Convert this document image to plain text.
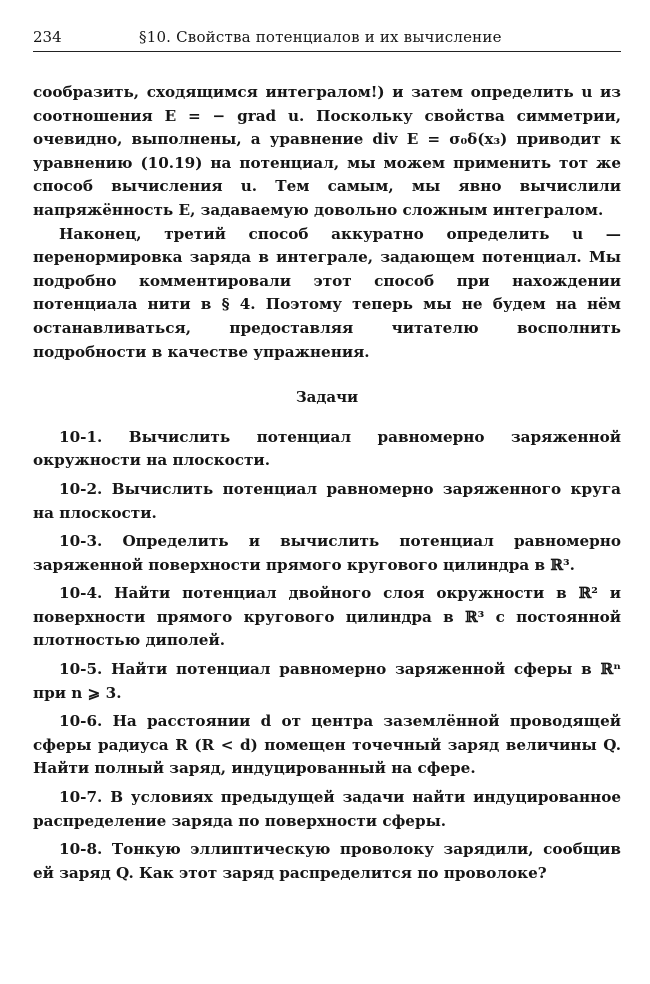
234	§10. Свойства потенциалов и их вычисление

сообразить, сходящимся интегралом!) и затем определить u из соотношения E = − grad u. Поскольку свойства симметрии, очевидно, выполнены, а уравнение div E = σ₀δ(x₃) приводит к уравнению (10.19) на потенциал, мы можем применить тот же способ вычисления u. Тем самым, мы явно вычислили напряжённость E, задаваемую довольно сложным интегралом.

Наконец, третий способ аккуратно определить u — перенормировка заряда в интеграле, задающем потенциал. Мы подробно комментировали этот способ при нахождении потенциала нити в § 4. Поэтому теперь мы не будем на нём останавливаться, предоставляя читателю восполнить подробности в качестве упражнения.

Задачи

10-1. Вычислить потенциал равномерно заряженной окружности на плоскости.

10-2. Вычислить потенциал равномерно заряженного круга на плоскости.

10-3. Определить и вычислить потенциал равномерно заряженной поверхности прямого кругового цилиндра в ℝ³.

10-4. Найти потенциал двойного слоя окружности в ℝ² и поверхности прямого кругового цилиндра в ℝ³ с постоянной плотностью диполей.

10-5. Найти потенциал равномерно заряженной сферы в ℝⁿ при n ⩾ 3.

10-6. На расстоянии d от центра заземлённой проводящей сферы радиуса R (R < d) помещен точечный заряд величины Q. Найти полный заряд, индуцированный на сфере.

10-7. В условиях предыдущей задачи найти индуцированное распределение заряда по поверхности сферы.

10-8. Тонкую эллиптическую проволоку зарядили, сообщив ей заряд Q. Как этот заряд распределится по проволоке?
